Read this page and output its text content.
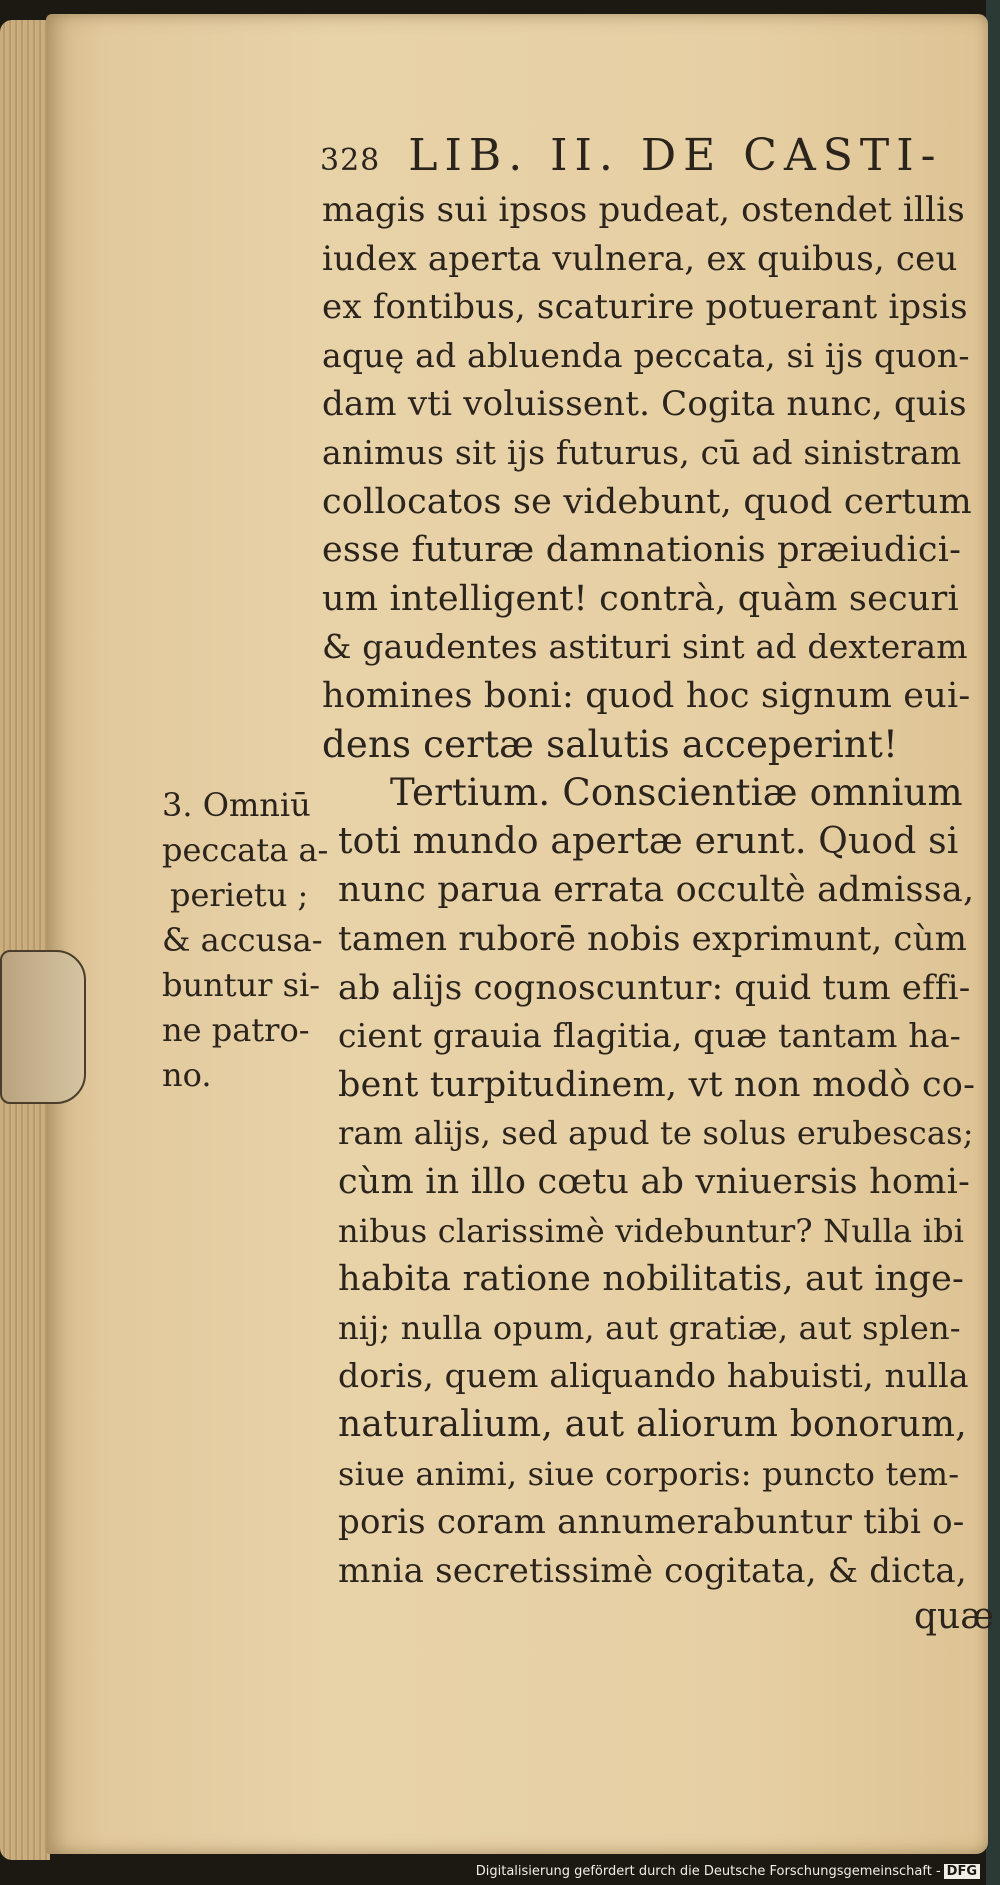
328 LIB. II. DE CASTI-
magis sui ipsos pudeat, ostendet illis
iudex aperta vulnera, ex quibus, ceu
ex fontibus, scaturire potuerant ipsis
aquę ad abluenda peccata, si ijs quon-
dam vti voluissent. Cogita nunc, quis
animus sit ijs futurus, cū ad sinistram
collocatos se videbunt, quod certum
esse futuræ damnationis præiudici-
um intelligent! contrà, quàm securi
& gaudentes astituri sint ad dexteram
homines boni: quod hoc signum eui-
dens certæ salutis acceperint!
Tertium. Conscientiæ omnium
toti mundo apertæ erunt. Quod si
nunc parua errata occultè admissa,
tamen ruborē nobis exprimunt, cùm
ab alijs cognoscuntur: quid tum effi-
cient grauia flagitia, quæ tantam ha-
bent turpitudinem, vt non modò co-
ram alijs, sed apud te solus erubescas;
cùm in illo cœtu ab vniuersis homi-
nibus clarissimè videbuntur? Nulla ibi
habita ratione nobilitatis, aut inge-
nij; nulla opum, aut gratiæ, aut splen-
doris, quem aliquando habuisti, nulla
naturalium, aut aliorum bonorum,
siue animi, siue corporis: puncto tem-
poris coram annumerabuntur tibi o-
mnia secretissimè cogitata, & dicta,
3. Omniū
peccata a-
perietu ;
& accusa-
buntur si-
ne patro-
no.
quæ
Digitalisierung gefördert durch die Deutsche Forschungsgemeinschaft - DFG
